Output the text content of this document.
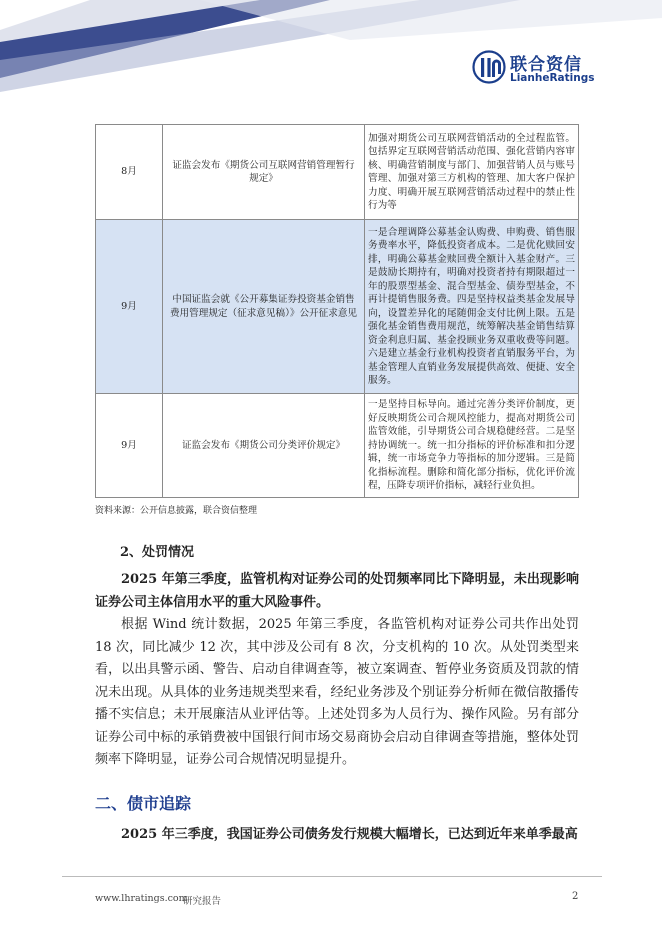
联合资信
LianheRatings
8月	证监会发布《期货公司互联网营销管理暂行规定》	加强对期货公司互联网营销活动的全过程监管。包括界定互联网营销活动范围、强化营销内容审核、明确营销制度与部门、加强营销人员与账号管理、加强对第三方机构的管理、加大客户保护力度、明确开展互联网营销活动过程中的禁止性行为等
9月	中国证监会就《公开募集证券投资基金销售费用管理规定（征求意见稿）》公开征求意见	一是合理调降公募基金认购费、申购费、销售服务费率水平，降低投资者成本。二是优化赎回安排，明确公募基金赎回费全额计入基金财产。三是鼓励长期持有，明确对投资者持有期限超过一年的股票型基金、混合型基金、债券型基金，不再计提销售服务费。四是坚持权益类基金发展导向，设置差异化的尾随佣金支付比例上限。五是强化基金销售费用规范，统筹解决基金销售结算资金利息归属、基金投顾业务双重收费等问题。六是建立基金行业机构投资者直销服务平台，为基金管理人直销业务发展提供高效、便捷、安全服务。
9月	证监会发布《期货公司分类评价规定》	一是坚持目标导向。通过完善分类评价制度，更好反映期货公司合规风控能力，提高对期货公司监管效能，引导期货公司合规稳健经营。二是坚持协调统一。统一扣分指标的评价标准和扣分逻辑，统一市场竞争力等指标的加分逻辑。三是简化指标流程。删除和简化部分指标，优化评价流程，压降专项评价指标，减轻行业负担。
资料来源：公开信息披露，联合资信整理
2、处罚情况

2025 年第三季度，监管机构对证券公司的处罚频率同比下降明显，未出现影响证券公司主体信用水平的重大风险事件。

根据 Wind 统计数据，2025 年第三季度，各监管机构对证券公司共作出处罚 18 次，同比减少 12 次，其中涉及公司有 8 次，分支机构的 10 次。从处罚类型来看，以出具警示函、警告、启动自律调查等，被立案调查、暂停业务资质及罚款的情况未出现。从具体的业务违规类型来看，经纪业务涉及个别证券分析师在微信散播传播不实信息；未开展廉洁从业评估等。上述处罚多为人员行为、操作风险。另有部分证券公司中标的承销费被中国银行间市场交易商协会启动自律调查等措施，整体处罚频率下降明显，证券公司合规情况明显提升。

二、债市追踪

2025 年三季度，我国证券公司债务发行规模大幅增长，已达到近年来单季最高

www.lhratings.com
研究报告	2
